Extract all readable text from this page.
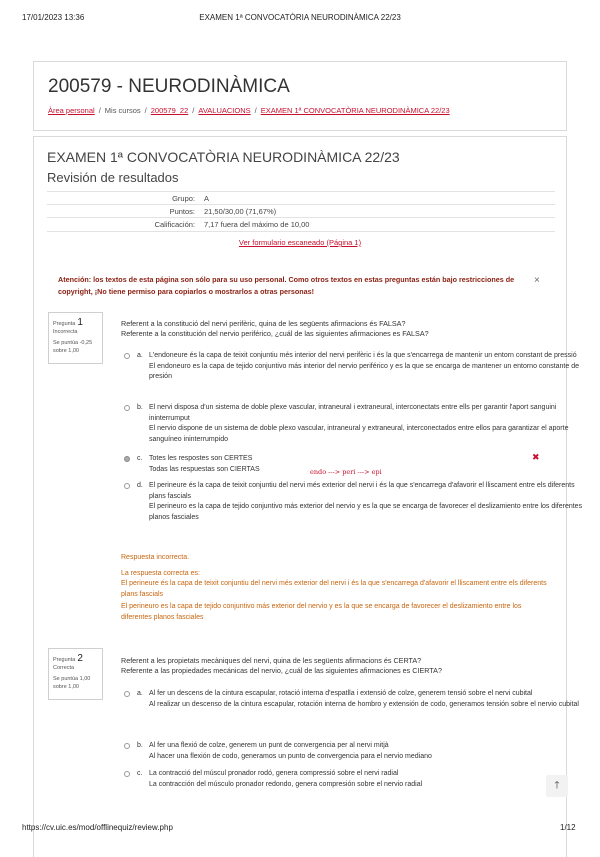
17/01/2023 13:36	EXAMEN 1ª CONVOCATÒRIA NEURODINÀMICA 22/23
200579 - NEURODINÀMICA
Àrea personal / Mis cursos / 200579_22 / AVALUACIONS / EXAMEN 1ª CONVOCATÒRIA NEURODINÀMICA 22/23
EXAMEN 1ª CONVOCATÒRIA NEURODINÀMICA 22/23
Revisión de resultados
Grupo: A
Puntos: 21,50/30,00 (71,67%)
Calificación: 7,17 fuera del máximo de 10,00
Ver formulario escaneado (Página 1)
Atención: los textos de esta página son sólo para su uso personal. Como otros textos en estas preguntas están bajo restricciones de copyright, ¡No tiene permiso para copiarlos o mostrarlos a otras personas!
×
Pregunta 1
Incorrecta
Se puntúa -0,25 sobre 1,00
Referent a la constitució del nervi perifèric, quina de les següents afirmacions és FALSA?
Referente a la constitución del nervio periférico, ¿cuál de las siguientes afirmaciones es FALSA?
a. L'endoneure és la capa de teixit conjuntiu més interior del nervi perifèric i és la que s'encarrega de mantenir un entorn constant de pressió
El endoneuro es la capa de tejido conjuntivo más interior del nervio periférico y es la que se encarga de mantener un entorno constante de presión
b. El nervi disposa d'un sistema de doble plexe vascular, intraneural i extraneural, interconectats entre ells per garantir l'aport sanguini ininterrumput
El nervio dispone de un sistema de doble plexo vascular, intraneural y extraneural, interconectados entre ellos para garantizar el aporte sanguíneo ininterrumpido
c. Totes les respostes son CERTES
Todas las respuestas son CIERTAS
✖
endo ---> peri ---> epi
d. El perineure és la capa de teixit conjuntiu del nervi més exterior del nervi i és la que s'encarrega d'afavorir el lliscament entre els diferents plans fascials
El perineuro es la capa de tejido conjuntivo más exterior del nervio y es la que se encarga de favorecer el deslizamiento entre los diferentes planos fasciales
Respuesta incorrecta.
La respuesta correcta es:
El perineure és la capa de teixit conjuntiu del nervi més exterior del nervi i és la que s'encarrega d'afavorir el lliscament entre els diferents plans fascials
El perineuro es la capa de tejido conjuntivo más exterior del nervio y es la que se encarga de favorecer el deslizamiento entre los diferentes planos fasciales
Pregunta 2
Correcta
Se puntúa 1,00 sobre 1,00
Referent a les propietats mecàniques del nervi, quina de les següents afirmacions és CERTA?
Referente a las propiedades mecánicas del nervio, ¿cuál de las siguientes afirmaciones es CIERTA?
a. Al fer un descens de la cintura escapular, rotació interna d'espatlla i extensió de colze, generem tensió sobre el nervi cubital
Al realizar un descenso de la cintura escapular, rotación interna de hombro y extensión de codo, generamos tensión sobre el nervio cubital
b. Al fer una flexió de colze, generem un punt de convergencia per al nervi mitjà
Al hacer una flexión de codo, generamos un punto de convergencia para el nervio mediano
c. La contracció del múscul pronador rodó, genera compressió sobre el nervi radial
La contracción del músculo pronador redondo, genera compresión sobre el nervio radial	🡑
https://cv.uic.es/mod/offlinequiz/review.php	1/12
